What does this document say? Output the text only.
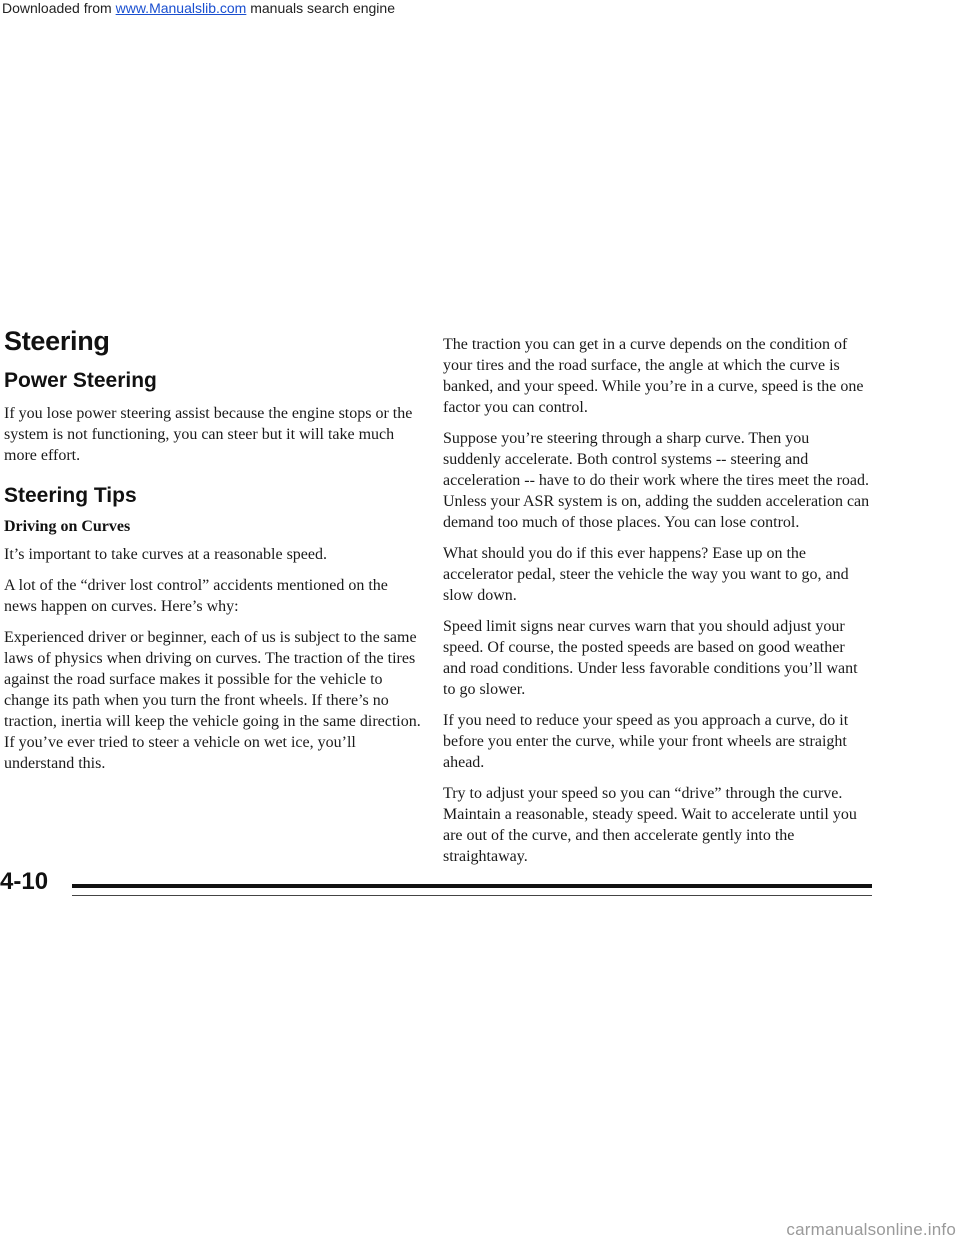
Downloaded from www.Manualslib.com manuals search engine
Steering
Power Steering

If you lose power steering assist because the engine stops or the system is not functioning, you can steer but it will take much more effort.

Steering Tips
Driving on Curves

It’s important to take curves at a reasonable speed.

A lot of the “driver lost control” accidents mentioned on the news happen on curves. Here’s why:

Experienced driver or beginner, each of us is subject to the same laws of physics when driving on curves. The traction of the tires against the road surface makes it possible for the vehicle to change its path when you turn the front wheels. If there’s no traction, inertia will keep the vehicle going in the same direction. If you’ve ever tried to steer a vehicle on wet ice, you’ll understand this.

The traction you can get in a curve depends on the condition of your tires and the road surface, the angle at which the curve is banked, and your speed. While you’re in a curve, speed is the one factor you can control.

Suppose you’re steering through a sharp curve. Then you suddenly accelerate. Both control systems -- steering and acceleration -- have to do their work where the tires meet the road. Unless your ASR system is on, adding the sudden acceleration can demand too much of those places. You can lose control.

What should you do if this ever happens? Ease up on the accelerator pedal, steer the vehicle the way you want to go, and slow down.

Speed limit signs near curves warn that you should adjust your speed. Of course, the posted speeds are based on good weather and road conditions. Under less favorable conditions you’ll want to go slower.

If you need to reduce your speed as you approach a curve, do it before you enter the curve, while your front wheels are straight ahead.

Try to adjust your speed so you can “drive” through the curve. Maintain a reasonable, steady speed. Wait to accelerate until you are out of the curve, and then accelerate gently into the straightaway.

4-10
carmanualsonline.info
